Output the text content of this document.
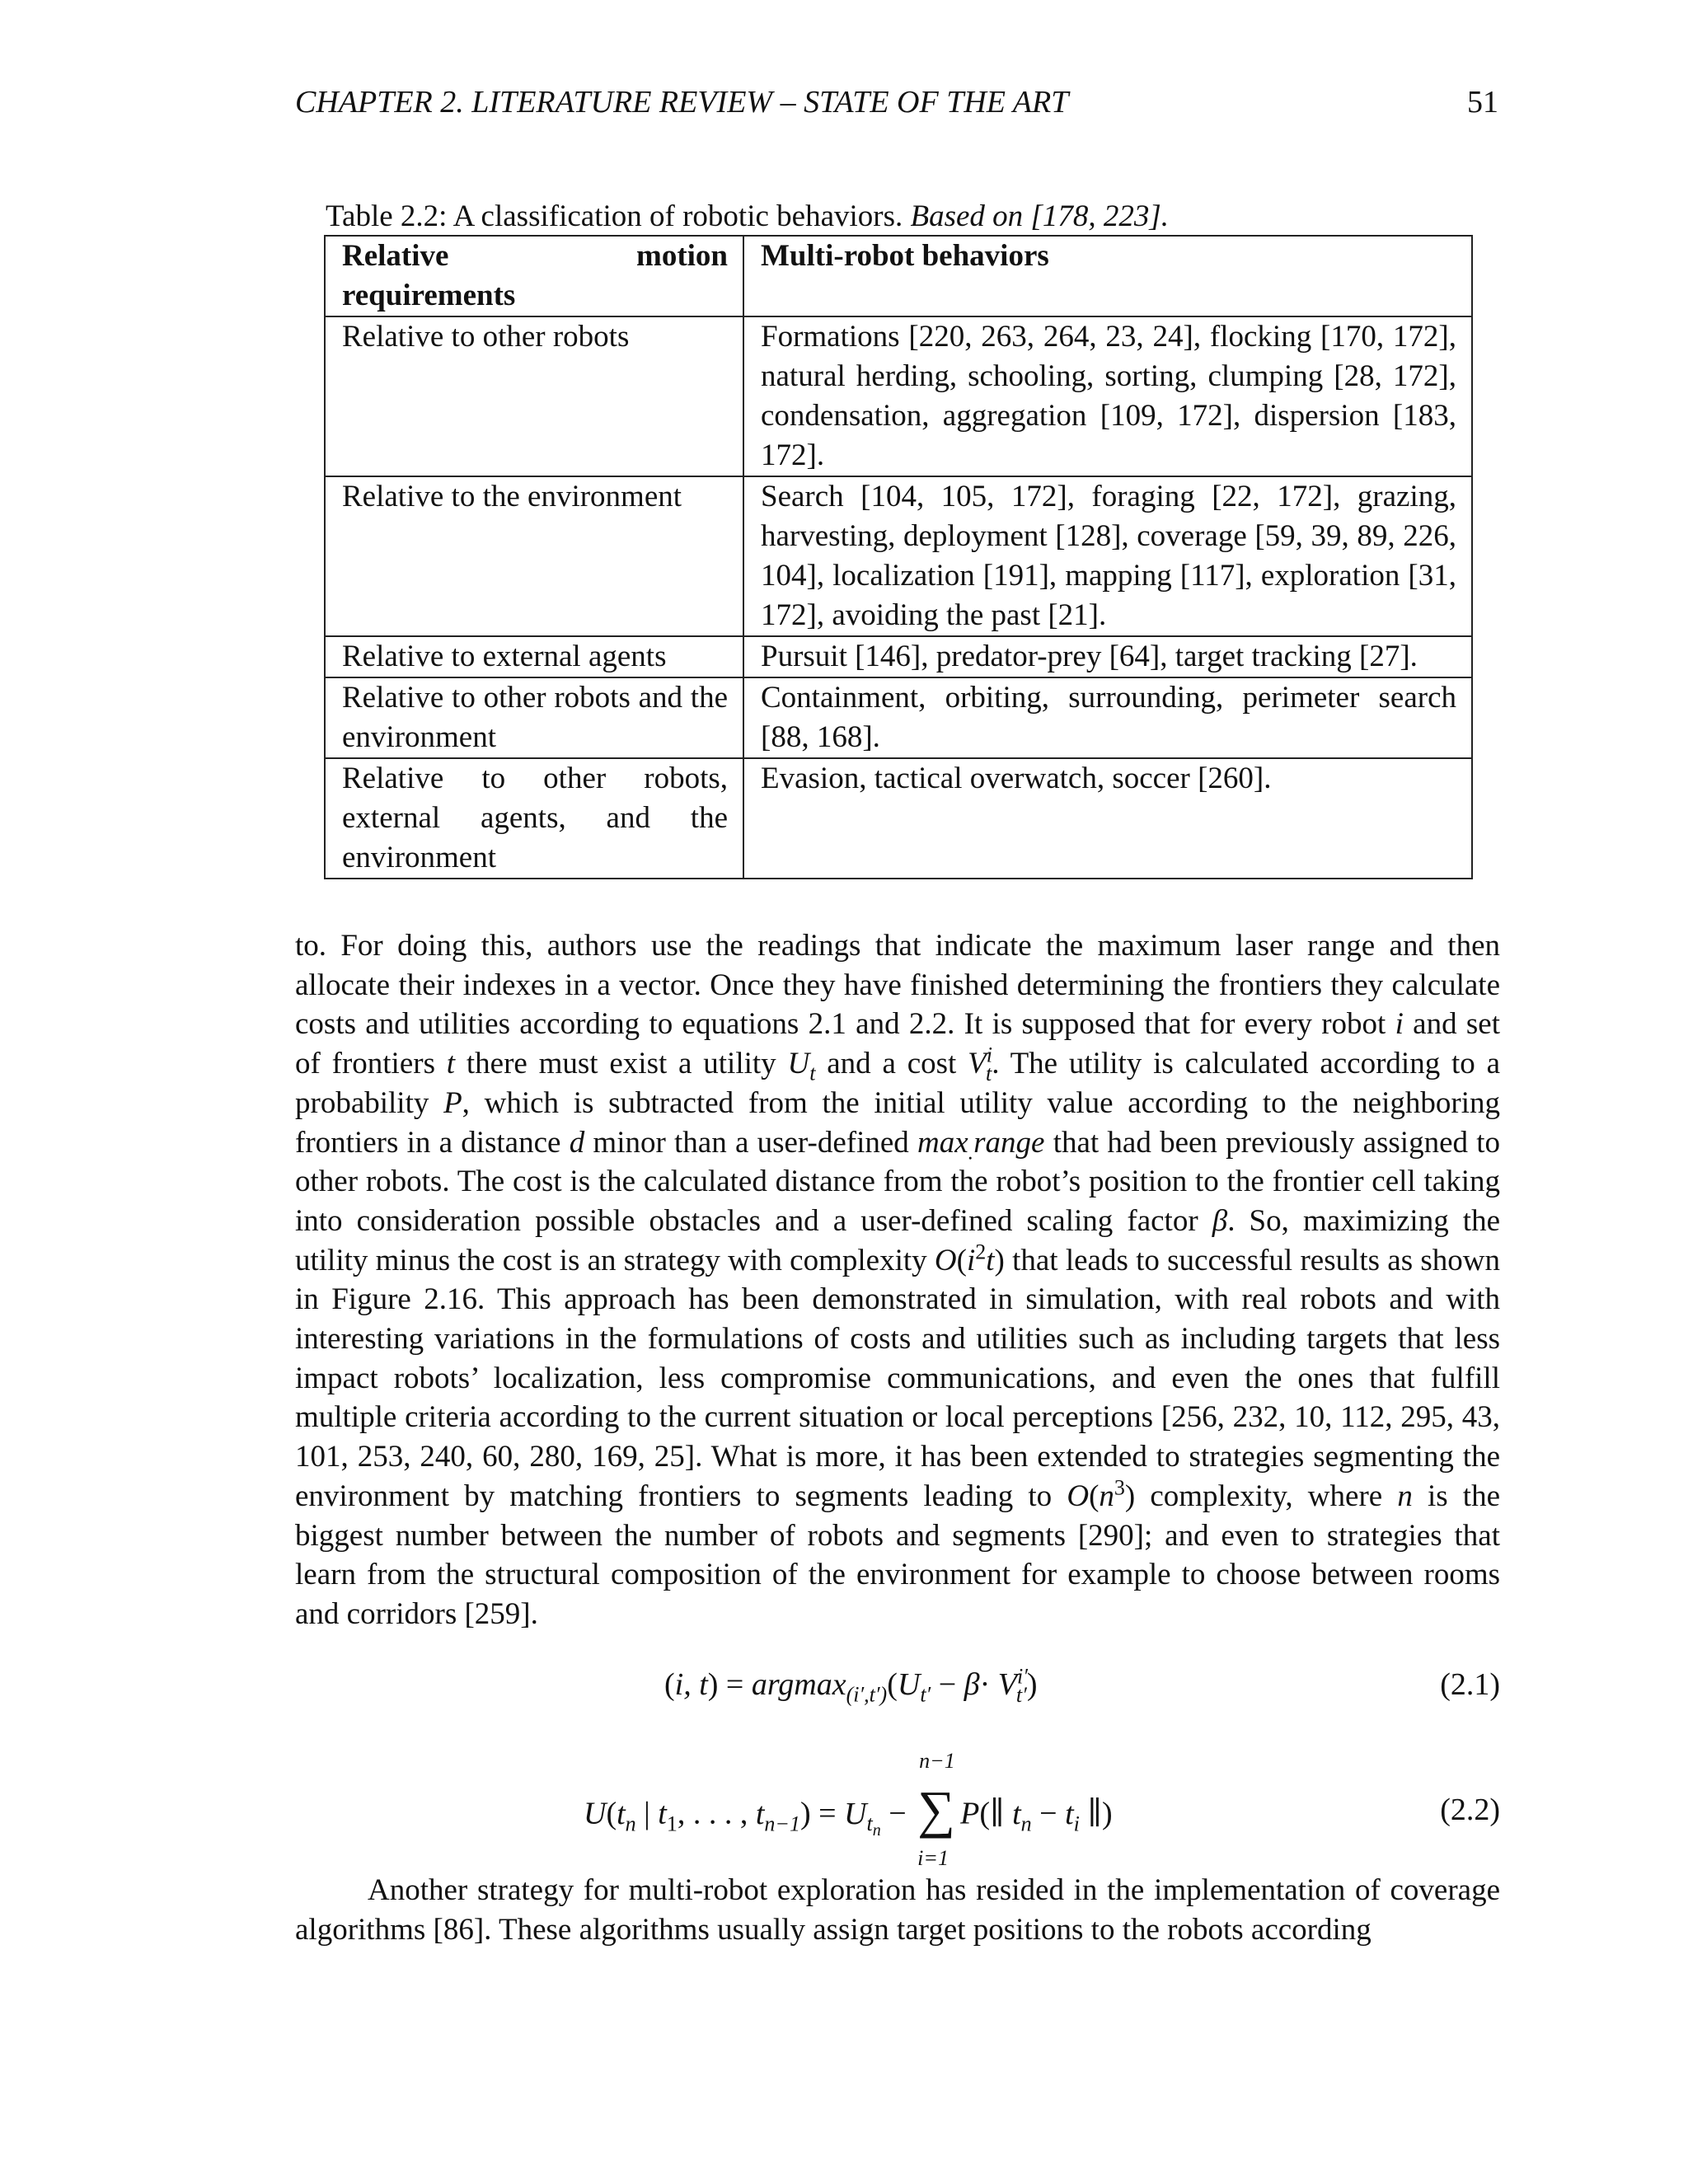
CHAPTER 2. LITERATURE REVIEW – STATE OF THE ART	51
Table 2.2: A classification of robotic behaviors. Based on [178, 223].
Relative motion requirements	Multi-robot behaviors
Relative to other robots	Formations [220, 263, 264, 23, 24], flocking [170, 172], natural herding, schooling, sorting, clumping [28, 172], condensation, aggregation [109, 172], dispersion [183, 172].
Relative to the environment	Search [104, 105, 172], foraging [22, 172], grazing, harvesting, deployment [128], coverage [59, 39, 89, 226, 104], localization [191], mapping [117], exploration [31, 172], avoiding the past [21].
Relative to external agents	Pursuit [146], predator-prey [64], target tracking [27].
Relative to other robots and the environment	Containment, orbiting, surrounding, perimeter search [88, 168].
Relative to other robots, external agents, and the environment	Evasion, tactical overwatch, soccer [260].

to. For doing this, authors use the readings that indicate the maximum laser range and then allocate their indexes in a vector. Once they have finished determining the frontiers they calculate costs and utilities according to equations 2.1 and 2.2. It is supposed that for every robot i and set of frontiers t there must exist a utility $U_t$ and a cost $V^i_t$. The utility is calculated according to a probability P, which is subtracted from the initial utility value according to the neighboring frontiers in a distance d minor than a user-defined $\max_.range$ that had been previously assigned to other robots. The cost is the calculated distance from the robot’s position to the frontier cell taking into consideration possible obstacles and a user-defined scaling factor β. So, maximizing the utility minus the cost is an strategy with complexity $O(i^2t)$ that leads to successful results as shown in Figure 2.16. This approach has been demonstrated in simulation, with real robots and with interesting variations in the formulations of costs and utilities such as including targets that less impact robots’ localization, less compromise communications, and even the ones that fulfill multiple criteria according to the current situation or local perceptions [256, 232, 10, 112, 295, 43, 101, 253, 240, 60, 280, 169, 25]. What is more, it has been extended to strategies segmenting the environment by matching frontiers to segments leading to $O(n^3)$ complexity, where n is the biggest number between the number of robots and segments [290]; and even to strategies that learn from the structural composition of the environment for example to choose between rooms and corridors [259].

(i, $t) = argmax_{(i',t')}(U_{t'} - \beta\cdot V^{i'}_{t'})$	(2.1)
$U(t_n$ | $t_1$, . . . , $t_{n-1}) = U_{t_n}$ − ∑
n−1
i=1
P(∥ $t_n - t_i$ ∥)	(2.2)

Another strategy for multi-robot exploration has resided in the implementation of coverage algorithms [86]. These algorithms usually assign target positions to the robots according
